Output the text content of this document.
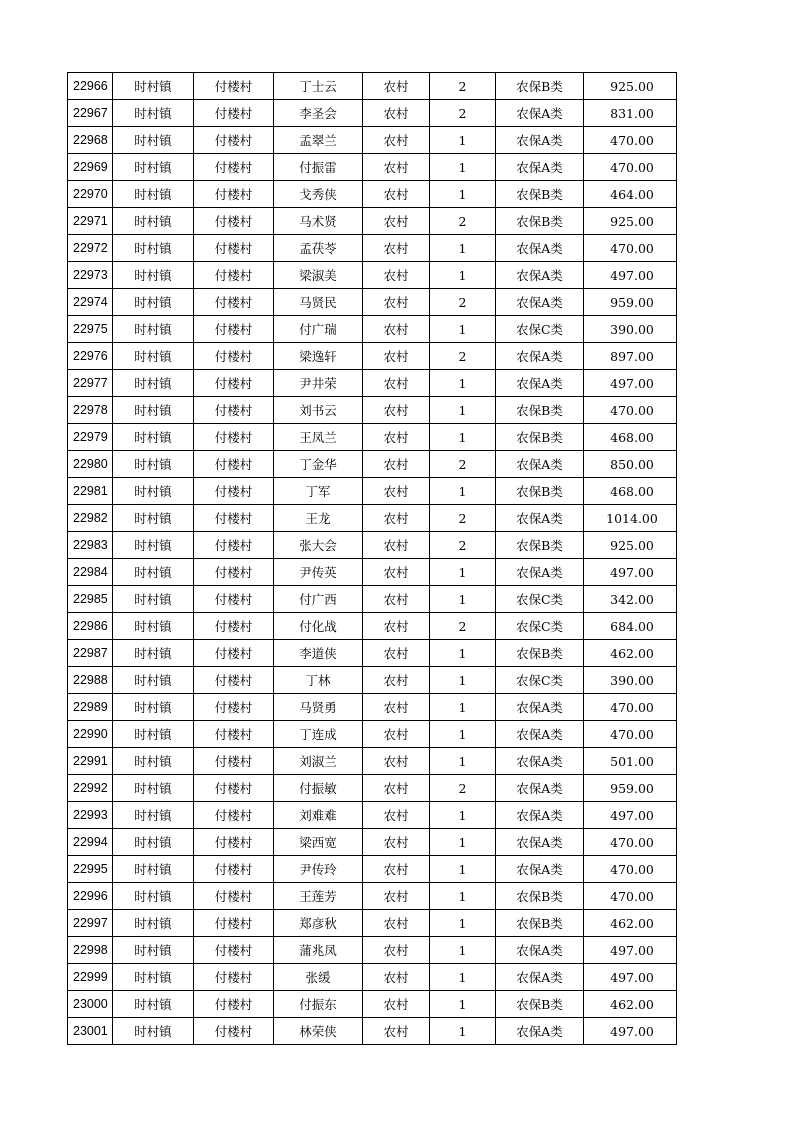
22966	时村镇	付楼村	丁士云	农村	2	农保B类	925.00
22967	时村镇	付楼村	李圣会	农村	2	农保A类	831.00
22968	时村镇	付楼村	孟翠兰	农村	1	农保A类	470.00
22969	时村镇	付楼村	付振雷	农村	1	农保A类	470.00
22970	时村镇	付楼村	戈秀侠	农村	1	农保B类	464.00
22971	时村镇	付楼村	马术贤	农村	2	农保B类	925.00
22972	时村镇	付楼村	孟茯苓	农村	1	农保A类	470.00
22973	时村镇	付楼村	梁淑美	农村	1	农保A类	497.00
22974	时村镇	付楼村	马贤民	农村	2	农保A类	959.00
22975	时村镇	付楼村	付广瑞	农村	1	农保C类	390.00
22976	时村镇	付楼村	梁逸轩	农村	2	农保A类	897.00
22977	时村镇	付楼村	尹井荣	农村	1	农保A类	497.00
22978	时村镇	付楼村	刘书云	农村	1	农保B类	470.00
22979	时村镇	付楼村	王凤兰	农村	1	农保B类	468.00
22980	时村镇	付楼村	丁金华	农村	2	农保A类	850.00
22981	时村镇	付楼村	丁军	农村	1	农保B类	468.00
22982	时村镇	付楼村	王龙	农村	2	农保A类	1014.00
22983	时村镇	付楼村	张大会	农村	2	农保B类	925.00
22984	时村镇	付楼村	尹传英	农村	1	农保A类	497.00
22985	时村镇	付楼村	付广西	农村	1	农保C类	342.00
22986	时村镇	付楼村	付化战	农村	2	农保C类	684.00
22987	时村镇	付楼村	李道侠	农村	1	农保B类	462.00
22988	时村镇	付楼村	丁林	农村	1	农保C类	390.00
22989	时村镇	付楼村	马贤勇	农村	1	农保A类	470.00
22990	时村镇	付楼村	丁连成	农村	1	农保A类	470.00
22991	时村镇	付楼村	刘淑兰	农村	1	农保A类	501.00
22992	时村镇	付楼村	付振敏	农村	2	农保A类	959.00
22993	时村镇	付楼村	刘难难	农村	1	农保A类	497.00
22994	时村镇	付楼村	梁西宽	农村	1	农保A类	470.00
22995	时村镇	付楼村	尹传玲	农村	1	农保A类	470.00
22996	时村镇	付楼村	王莲芳	农村	1	农保B类	470.00
22997	时村镇	付楼村	郑彦秋	农村	1	农保B类	462.00
22998	时村镇	付楼村	蒲兆凤	农村	1	农保A类	497.00
22999	时村镇	付楼村	张缓	农村	1	农保A类	497.00
23000	时村镇	付楼村	付振东	农村	1	农保B类	462.00
23001	时村镇	付楼村	林荣侠	农村	1	农保A类	497.00
